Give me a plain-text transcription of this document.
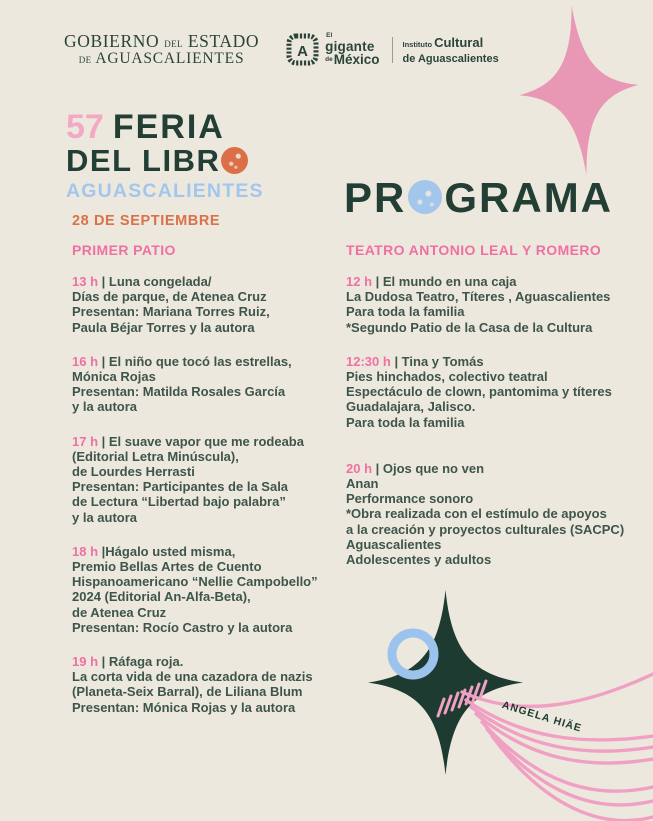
GOBIERNO DEL ESTADO
DE AGUASCALIENTES	A
El
gigante
$^{de}$México
Instituto Cultural
de Aguascalientes
57 FERIA
DEL LIBR
AGUASCALIENTES PR GRAMA
28 DE SEPTIEMBRE
PRIMER PATIO
13 h | Luna congelada/
Días de parque, de Atenea Cruz
Presentan: Mariana Torres Ruiz,
Paula Béjar Torres y la autora
16 h | El niño que tocó las estrellas,
Mónica Rojas
Presentan: Matilda Rosales García
y la autora
17 h | El suave vapor que me rodeaba
(Editorial Letra Minúscula),
de Lourdes Herrasti
Presentan: Participantes de la Sala
de Lectura “Libertad bajo palabra”
y la autora
18 h |Hágalo usted misma,
Premio Bellas Artes de Cuento
Hispanoamericano “Nellie Campobello”
2024 (Editorial An-Alfa-Beta),
de Atenea Cruz
Presentan: Rocío Castro y la autora
19 h | Ráfaga roja.
La corta vida de una cazadora de nazis
(Planeta-Seix Barral), de Liliana Blum
Presentan: Mónica Rojas y la autora
TEATRO ANTONIO LEAL Y ROMERO
12 h | El mundo en una caja
La Dudosa Teatro, Títeres , Aguascalientes
Para toda la familia
*Segundo Patio de la Casa de la Cultura
12:30 h | Tina y Tomás
Pies hinchados, colectivo teatral
Espectáculo de clown, pantomima y títeres
Guadalajara, Jalisco.
Para toda la familia
20 h | Ojos que no ven
Anan
Performance sonoro
*Obra realizada con el estímulo de apoyos
a la creación y proyectos culturales (SACPC)
Aguascalientes
Adolescentes y adultos
ANGELA HIÄE
